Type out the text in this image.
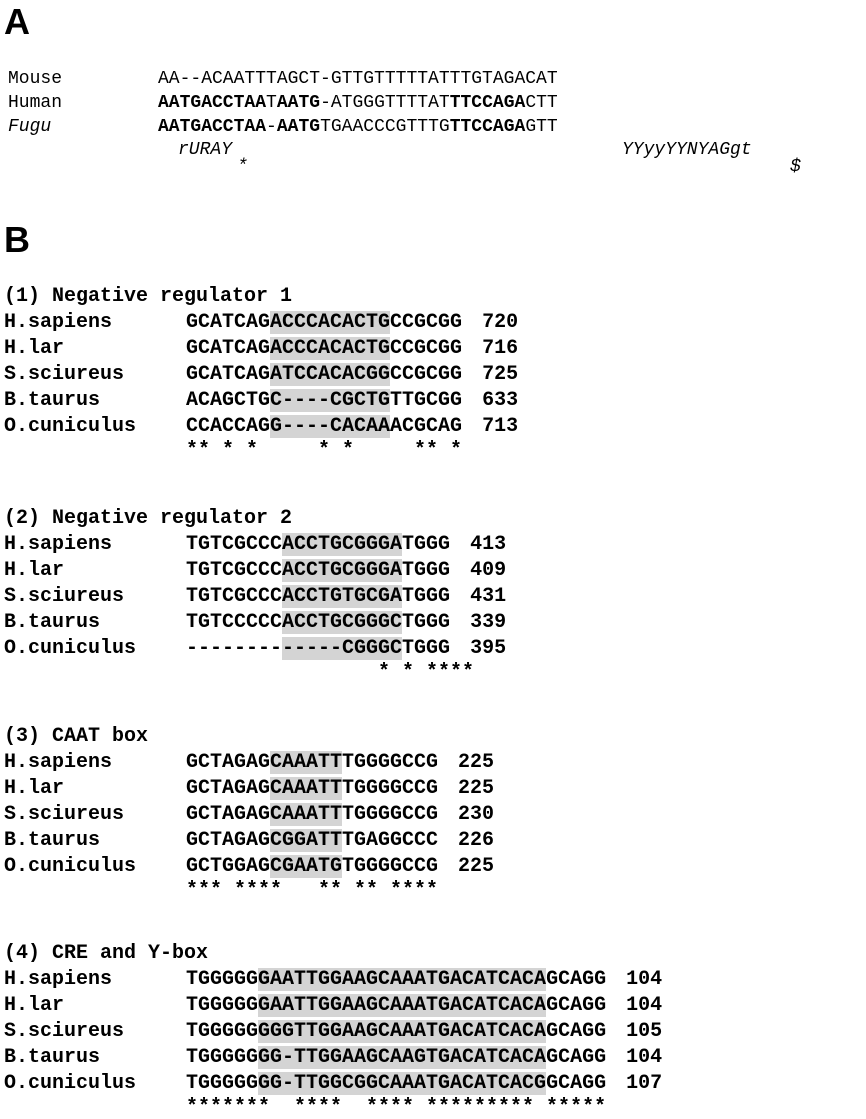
A
Mouse	AA--ACAATTTAGCT-GTTGTTTTTATTTGTAGACAT
Human	AATGACCTAATAATG-ATGGGTTTTATTTCCAGACTT
Fugu	AATGACCTAA-AATGTGAACCCGTTTGTTCCAGAGTT
rURAY	YYyyYYNYAGgt
*	$
B
(1) Negative regulator 1
H.sapiens	GCATCAGACCCACACTGCCGCGG 720
H.lar	GCATCAGACCCACACTGCCGCGG 716
S.sciureus	GCATCAGATCCACACGGCCGCGG 725
B.taurus	ACAGCTGC----CGCTGTTGCGG 633
O.cuniculus CCACCAGG----CACAAACGCAG 713
** * *     * *     ** *
(2) Negative regulator 2
H.sapiens	TGTCGCCCACCTGCGGGATGGG 413
H.lar	TGTCGCCCACCTGCGGGATGGG 409
S.sciureus	TGTCGCCCACCTGTGCGATGGG 431
B.taurus	TGTCCCCCACCTGCGGGCTGGG 339
O.cuniculus -------------CGGGCTGGG 395
* * ****
(3) CAAT box
H.sapiens	GCTAGAGCAAATTTGGGGCCG 225
H.lar	GCTAGAGCAAATTTGGGGCCG 225
S.sciureus	GCTAGAGCAAATTTGGGGCCG 230
B.taurus	GCTAGAGCGGATTTGAGGCCC 226
O.cuniculus GCTGGAGCGAATGTGGGGCCG 225
*** ****   ** ** ****
(4) CRE and Y-box
H.sapiens	TGGGGGGAATTGGAAGCAAATGACATCACAGCAGG 104
H.lar	TGGGGGGAATTGGAAGCAAATGACATCACAGCAGG 104
S.sciureus	TGGGGGGGGTTGGAAGCAAATGACATCACAGCAGG 105
B.taurus	TGGGGGGG-TTGGAAGCAAGTGACATCACAGCAGG 104
O.cuniculus TGGGGGGG-TTGGCGGCAAATGACATCACGGCAGG 107
*******  ****  **** ********* *****
